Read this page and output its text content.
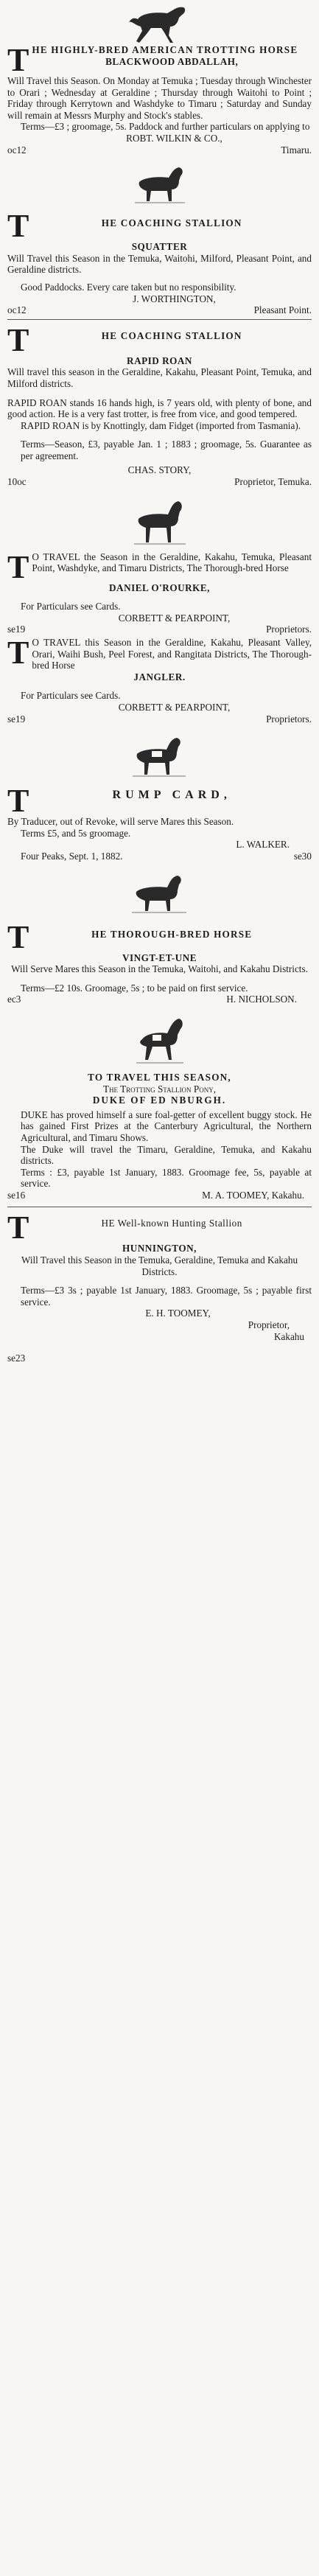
T HE HIGHLY-BRED AMERICAN TROTTING HORSE
BLACKWOOD ABDALLAH,
Will Travel this Season. On Monday at Temuka ; Tuesday through Winchester to Orari ; Wednesday at Geraldine ; Thursday through Waitohi to Point ; Friday through Kerrytown and Washdyke to Timaru ; Saturday and Sunday will remain at Messrs Murphy and Stock's stables.
Terms—£3 ; groomage, 5s. Paddock and further particulars on applying to
ROBT. WILKIN & CO.,
oc12	Timaru.
T	HE COACHING STALLION
SQUATTER
Will Travel this Season in the Temuka, Waitohi, Milford, Pleasant Point, and Geraldine districts.
Good Paddocks. Every care taken but no responsibility.
J. WORTHINGTON,
oc12	Pleasant Point.
T	HE COACHING STALLION
RAPID ROAN
Will travel this season in the Geraldine, Kakahu, Pleasant Point, Temuka, and Milford districts.
RAPID ROAN stands 16 hands high, is 7 years old, with plenty of bone, and good action. He is a very fast trotter, is free from vice, and good tempered.
RAPID ROAN is by Knottingly, dam Fidget (imported from Tasmania).
Terms—Season, £3, payable Jan. 1 ; 1883 ; groomage, 5s. Guarantee as per agreement.
CHAS. STORY,
10oc	Proprietor, Temuka.
T O TRAVEL the Season in the Geraldine, Kakahu, Temuka, Pleasant Point, Washdyke, and Timaru Districts, The Thorough-bred Horse
DANIEL O'ROURKE,
For Particulars see Cards.
CORBETT & PEARPOINT,
se19	Proprietors.
T O TRAVEL this Season in the Geraldine, Kakahu, Pleasant Valley, Orari, Waihi Bush, Peel Forest, and Rangitata Districts, The Thorough-bred Horse
JANGLER.
For Particulars see Cards.
CORBETT & PEARPOINT,
se19	Proprietors.
T	RUMP CARD,
By Traducer, out of Revoke, will serve Mares this Season.
Terms £5, and 5s groomage.
L. WALKER.
Four Peaks, Sept. 1, 1882.	se30
T	HE THOROUGH-BRED HORSE
VINGT-ET-UNE
Will Serve Mares this Season in the Temuka, Waitohi, and Kakahu Districts.
Terms—£2 10s. Groomage, 5s ; to be paid on first service.
ec3	H. NICHOLSON.
TO TRAVEL THIS SEASON,
The Trotting Stallion Pony,
DUKE OF ED NBURGH.
DUKE has proved himself a sure foal-getter of excellent buggy stock. He has gained First Prizes at the Canterbury Agricultural, the Northern Agricultural, and Timaru Shows.
The Duke will travel the Timaru, Geraldine, Temuka, and Kakahu districts.
Terms : £3, payable 1st January, 1883. Groomage fee, 5s, payable at service.
se16	M. A. TOOMEY, Kakahu.
T	HE Well-known Hunting Stallion
HUNNINGTON,
Will Travel this Season in the Temuka, Geraldine, Temuka and Kakahu Districts.
Terms—£3 3s ; payable 1st January, 1883. Groomage, 5s ; payable first service.
E. H. TOOMEY,
Proprietor,
Kakahu
se23
